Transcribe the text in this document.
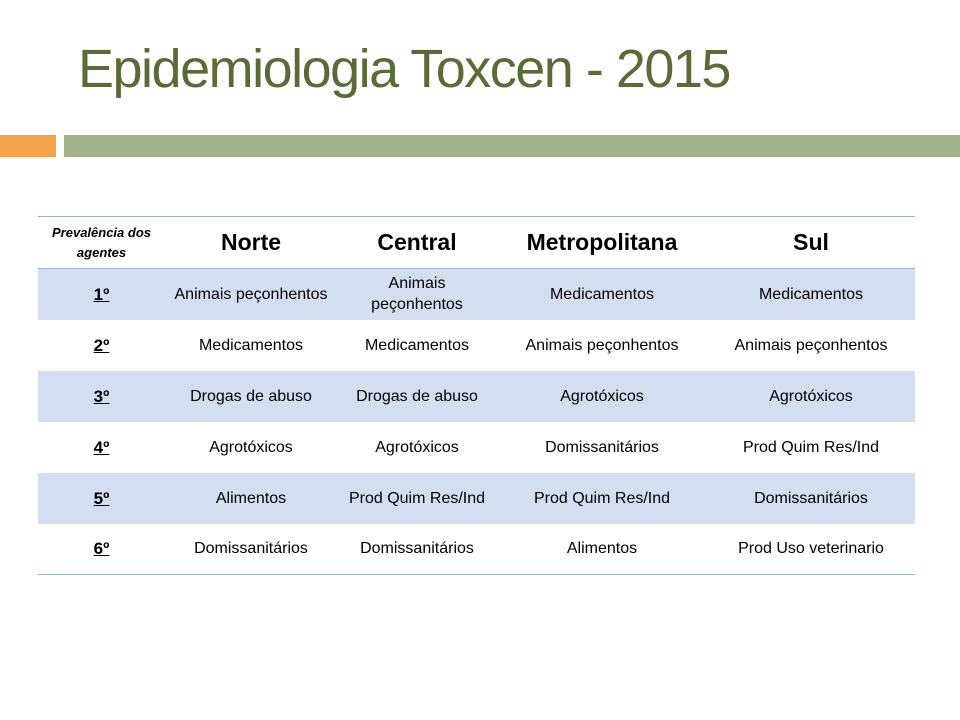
Epidemiologia Toxcen - 2015
Prevalência dos agentes	Norte	Central	Metropolitana	Sul
1º	Animais peçonhentos	Animais peçonhentos	Medicamentos	Medicamentos
2º	Medicamentos	Medicamentos	Animais peçonhentos	Animais peçonhentos
3º	Drogas de abuso	Drogas de abuso	Agrotóxicos	Agrotóxicos
4º	Agrotóxicos	Agrotóxicos	Domissanitários	Prod Quim Res/Ind
5º	Alimentos	Prod Quim Res/Ind	Prod Quim Res/Ind	Domissanitários
6º	Domissanitários	Domissanitários	Alimentos	Prod Uso veterinario
